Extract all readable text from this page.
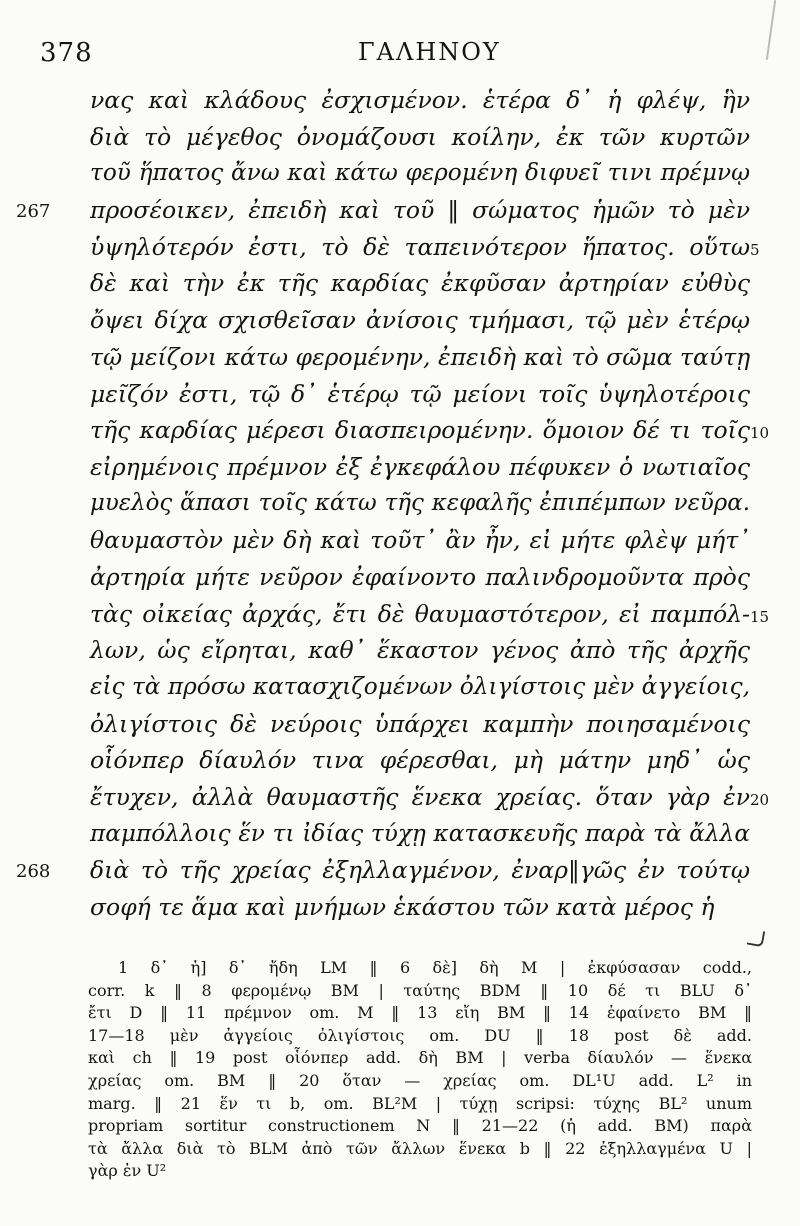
378	ΓΑΛΗΝΟΥ
νας καὶ κλάδους ἐσχισμένον. ἑτέρα δ᾽ ἡ φλέψ, ἣν
διὰ τὸ μέγεθος ὀνομάζουσι κοίλην, ἐκ τῶν κυρτῶν
τοῦ ἥπατος ἄνω καὶ κάτω φερομένη διφυεῖ τινι πρέμνῳ
267 προσέοικεν, ἐπειδὴ καὶ τοῦ ‖ σώματος ἡμῶν τὸ μὲν
ὑψηλότερόν ἐστι, τὸ δὲ ταπεινότερον ἥπατος. οὕτω 5
δὲ καὶ τὴν ἐκ τῆς καρδίας ἐκφῦσαν ἀρτηρίαν εὐθὺς
ὄψει δίχα σχισθεῖσαν ἀνίσοις τμήμασι, τῷ μὲν ἑτέρῳ
τῷ μείζονι κάτω φερομένην, ἐπειδὴ καὶ τὸ σῶμα ταύτῃ
μεῖζόν ἐστι, τῷ δ᾽ ἑτέρῳ τῷ μείονι τοῖς ὑψηλοτέροις
τῆς καρδίας μέρεσι διασπειρομένην. ὅμοιον δέ τι τοῖς 10
εἰρημένοις πρέμνον ἐξ ἐγκεφάλου πέφυκεν ὁ νωτιαῖος
μυελὸς ἅπασι τοῖς κάτω τῆς κεφαλῆς ἐπιπέμπων νεῦρα.
θαυμαστὸν μὲν δὴ καὶ τοῦτ᾽ ἂν ἦν, εἰ μήτε φλὲψ μήτ᾽
ἀρτηρία μήτε νεῦρον ἐφαίνοντο παλινδρομοῦντα πρὸς
τὰς οἰκείας ἀρχάς, ἔτι δὲ θαυμαστότερον, εἰ παμπόλ- 15
λων, ὡς εἴρηται, καθ᾽ ἕκαστον γένος ἀπὸ τῆς ἀρχῆς
εἰς τὰ πρόσω κατασχιζομένων ὀλιγίστοις μὲν ἀγγείοις,
ὀλιγίστοις δὲ νεύροις ὑπάρχει καμπὴν ποιησαμένοις
οἷόνπερ δίαυλόν τινα φέρεσθαι, μὴ μάτην μηδ᾽ ὡς
ἔτυχεν, ἀλλὰ θαυμαστῆς ἕνεκα χρείας. ὅταν γὰρ ἐν 20
παμπόλλοις ἕν τι ἰδίας τύχῃ κατασκευῆς παρὰ τὰ ἄλλα
268 διὰ τὸ τῆς χρείας ἐξηλλαγμένον, ἐναρ‖γῶς ἐν τούτῳ
σοφή τε ἅμα καὶ μνήμων ἑκάστου τῶν κατὰ μέρος ἡ
1 δ᾽ ἡ] δ᾽ ἤδη LM ‖ 6 δὲ] δὴ M | ἐκφύσασαν codd.,
corr. k ‖ 8 φερομένῳ BM | ταύτης BDM ‖ 10 δέ τι BLU δ᾽
ἔτι D ‖ 11 πρέμνον om. M ‖ 13 εἴη BM ‖ 14 ἐφαίνετο BM ‖
17—18 μὲν ἀγγείοις ὀλιγίστοις om. DU ‖ 18 post δὲ add.
καὶ ch ‖ 19 post οἷόνπερ add. δὴ BM | verba δίαυλόν — ἕνεκα
χρείας om. BM ‖ 20 ὅταν — χρείας om. DL¹U add. L² in
marg. ‖ 21 ἕν τι b, om. BL²M | τύχῃ scripsi: τύχης BL² unum
propriam sortitur constructionem N ‖ 21—22 (ἡ add. BM) παρὰ
τὰ ἄλλα διὰ τὸ BLM ἀπὸ τῶν ἄλλων ἕνεκα b ‖ 22 ἐξηλλαγμένα U |
γὰρ ἐν U²
